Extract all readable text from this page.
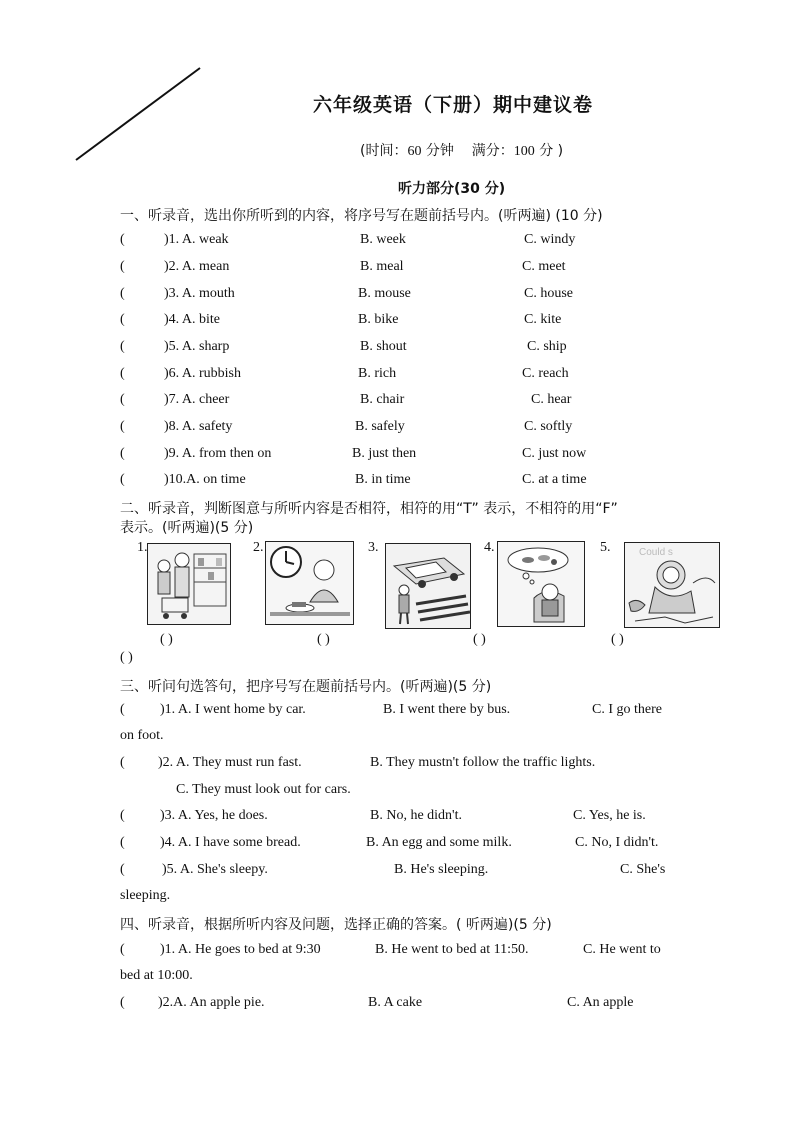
六年级英语（下册）期中建议卷
(时间：60 分钟 满分：100 分 )
听力部分(30 分)
一、听录音，选出你所听到的内容，将序号写在题前括号内。(听两遍) (10 分)
(	)1. A. weak	B. week	C. windy
(	)2. A. mean	B. meal	C. meet
(	)3. A. mouth	B. mouse	C. house
(	)4. A. bite	B. bike	C. kite
(	)5. A. sharp	B. shout	C. ship
(	)6. A. rubbish	B. rich	C. reach
(	)7. A. cheer	B. chair	C. hear
(	)8. A. safety	B. safely	C. softly
(	)9. A. from then on	B. just then	C. just now
(	)10.A. on time	B. in time	C. at a time
二、听录音，判断图意与所听内容是否相符，相符的用“T” 表示，不相符的用“F”
表示。(听两遍)(5 分)
1.	2.	3.	4.	5.	Could s
( )	( )	( )	( )
( )
三、听问句选答句，把序号写在题前括号内。(听两遍)(5 分)
(	)1. A. I went home by car.	B. I went there by bus.	C. I go there
on foot.
( )2. A. They must run fast.	B. They mustn't follow the traffic lights.
C. They must look out for cars.
(	)3. A. Yes, he does.	B. No, he didn't.	C. Yes, he is.
(	)4. A. I have some bread.	B. An egg and some milk.	C. No, I didn't.
(	)5. A. She's sleepy.	B. He's sleeping.	C. She's
sleeping.
四、听录音，根据所听内容及问题，选择正确的答案。( 听两遍)(5 分)
(	)1. A. He goes to bed at 9:30	B. He went to bed at 11:50.	C. He went to
bed at 10:00.
( )2.A. An apple pie.	B. A cake	C. An apple
